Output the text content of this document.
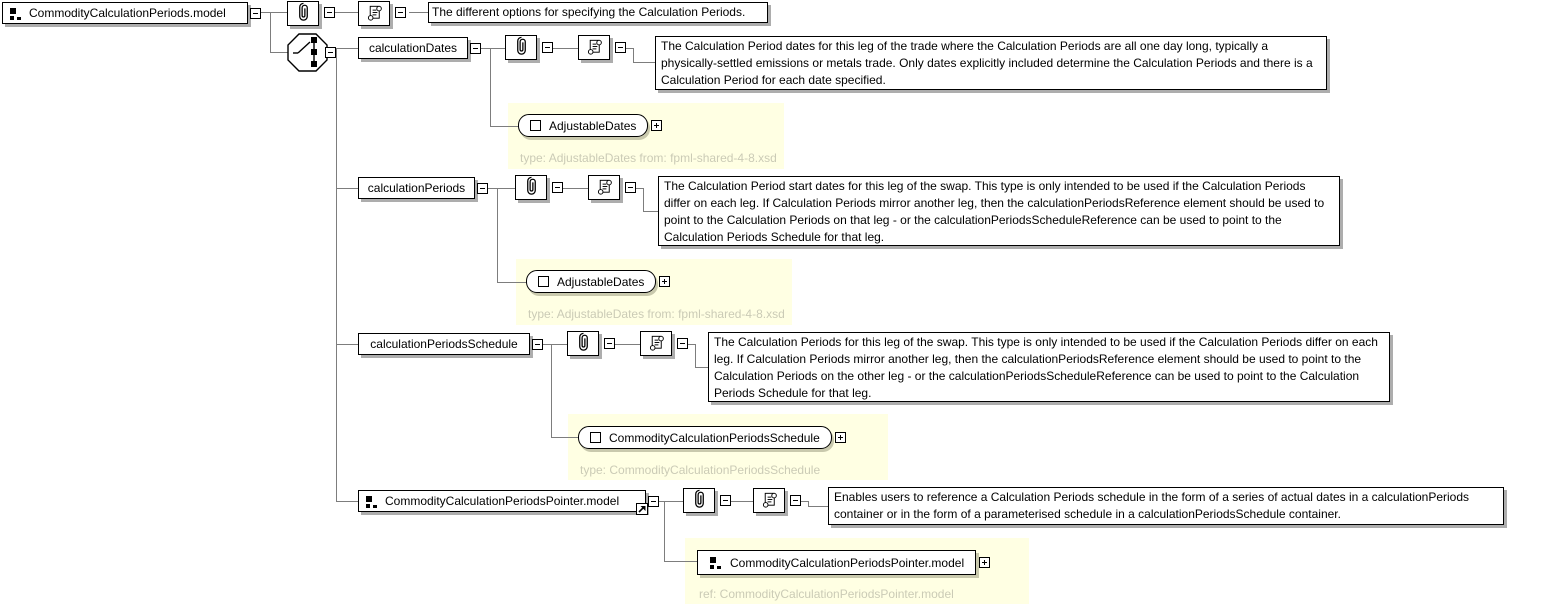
CommodityCalculationPeriods.model	The different options for specifying the Calculation Periods.
calculationDates	The Calculation Period dates for this leg of the trade where the Calculation Periods are all one day long, typically a physically-settled emissions or metals trade. Only dates explicitly included determine the Calculation Periods and there is a Calculation Period for each date specified.
AdjustableDates
type: AdjustableDates from: fpml-shared-4-8.xsd
calculationPeriods	The Calculation Period start dates for this leg of the swap. This type is only intended to be used if the Calculation Periods differ on each leg. If Calculation Periods mirror another leg, then the calculationPeriodsReference element should be used to point to the Calculation Periods on that leg - or the calculationPeriodsScheduleReference can be used to point to the Calculation Periods Schedule for that leg.
AdjustableDates
type: AdjustableDates from: fpml-shared-4-8.xsd
calculationPeriodsSchedule	The Calculation Periods for this leg of the swap. This type is only intended to be used if the Calculation Periods differ on each leg. If Calculation Periods mirror another leg, then the calculationPeriodsReference element should be used to point to the Calculation Periods on the other leg - or the calculationPeriodsScheduleReference can be used to point to the Calculation Periods Schedule for that leg.
CommodityCalculationPeriodsSchedule
type: CommodityCalculationPeriodsSchedule
CommodityCalculationPeriodsPointer.model	Enables users to reference a Calculation Periods schedule in the form of a series of actual dates in a calculationPeriods container or in the form of a parameterised schedule in a calculationPeriodsSchedule container.
CommodityCalculationPeriodsPointer.model
ref: CommodityCalculationPeriodsPointer.model
